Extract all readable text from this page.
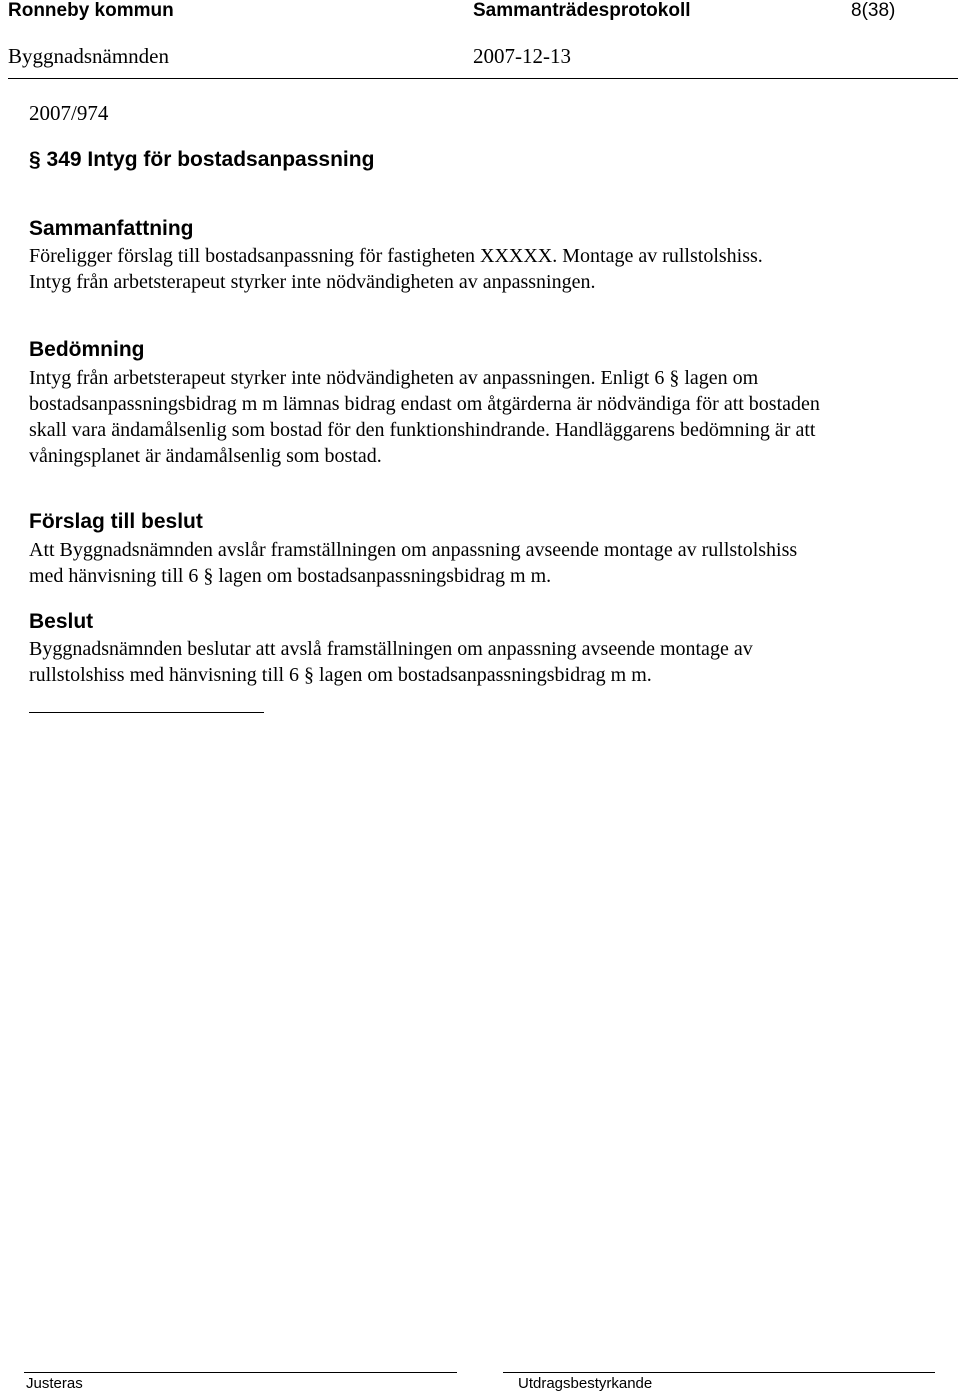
Ronneby kommun	Sammanträdesprotokoll	8(38)
Byggnadsnämnden	2007-12-13
2007/974
§ 349 Intyg för bostadsanpassning
Sammanfattning
Föreligger förslag till bostadsanpassning för fastigheten XXXXX. Montage av rullstolshiss.
Intyg från arbetsterapeut styrker inte nödvändigheten av anpassningen.
Bedömning
Intyg från arbetsterapeut styrker inte nödvändigheten av anpassningen. Enligt 6 § lagen om
bostadsanpassningsbidrag m m lämnas bidrag endast om åtgärderna är nödvändiga för att bostaden
skall vara ändamålsenlig som bostad för den funktionshindrande. Handläggarens bedömning är att
våningsplanet är ändamålsenlig som bostad.
Förslag till beslut
Att Byggnadsnämnden avslår framställningen om anpassning avseende montage av rullstolshiss
med hänvisning till 6 § lagen om bostadsanpassningsbidrag m m.
Beslut
Byggnadsnämnden beslutar att avslå framställningen om anpassning avseende montage av
rullstolshiss med hänvisning till 6 § lagen om bostadsanpassningsbidrag m m.
Justeras	Utdragsbestyrkande
